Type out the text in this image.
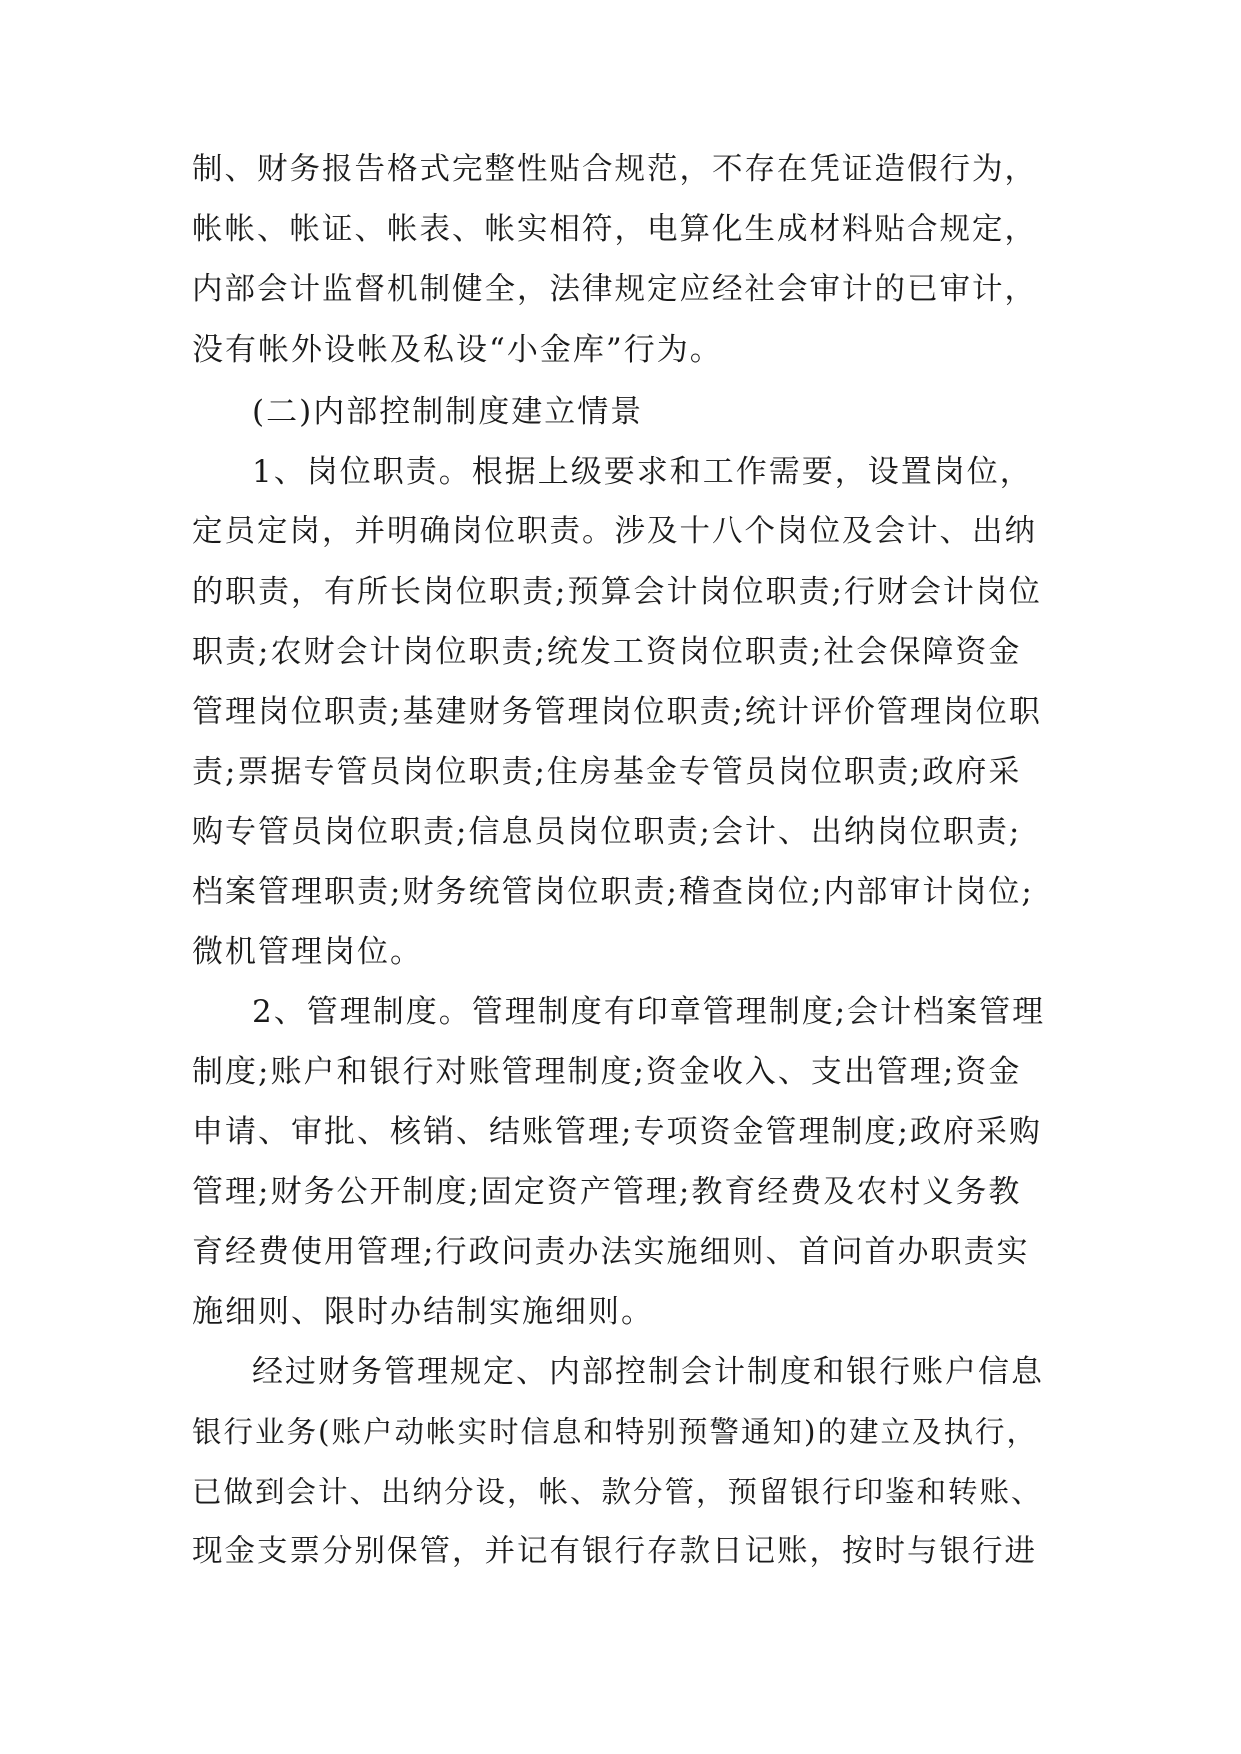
制、财务报告格式完整性贴合规范，不存在凭证造假行为，
帐帐、帐证、帐表、帐实相符，电算化生成材料贴合规定，
内部会计监督机制健全，法律规定应经社会审计的已审计，
没有帐外设帐及私设“小金库”行为。
(二)内部控制制度建立情景
1、岗位职责。根据上级要求和工作需要，设置岗位，
定员定岗，并明确岗位职责。涉及十八个岗位及会计、出纳
的职责，有所长岗位职责;预算会计岗位职责;行财会计岗位
职责;农财会计岗位职责;统发工资岗位职责;社会保障资金
管理岗位职责;基建财务管理岗位职责;统计评价管理岗位职
责;票据专管员岗位职责;住房基金专管员岗位职责;政府采
购专管员岗位职责;信息员岗位职责;会计、出纳岗位职责;
档案管理职责;财务统管岗位职责;稽查岗位;内部审计岗位;
微机管理岗位。
2、管理制度。管理制度有印章管理制度;会计档案管理
制度;账户和银行对账管理制度;资金收入、支出管理;资金
申请、审批、核销、结账管理;专项资金管理制度;政府采购
管理;财务公开制度;固定资产管理;教育经费及农村义务教
育经费使用管理;行政问责办法实施细则、首问首办职责实
施细则、限时办结制实施细则。
经过财务管理规定、内部控制会计制度和银行账户信息
银行业务(账户动帐实时信息和特别预警通知)的建立及执行，
已做到会计、出纳分设，帐、款分管，预留银行印鉴和转账、
现金支票分别保管，并记有银行存款日记账，按时与银行进
